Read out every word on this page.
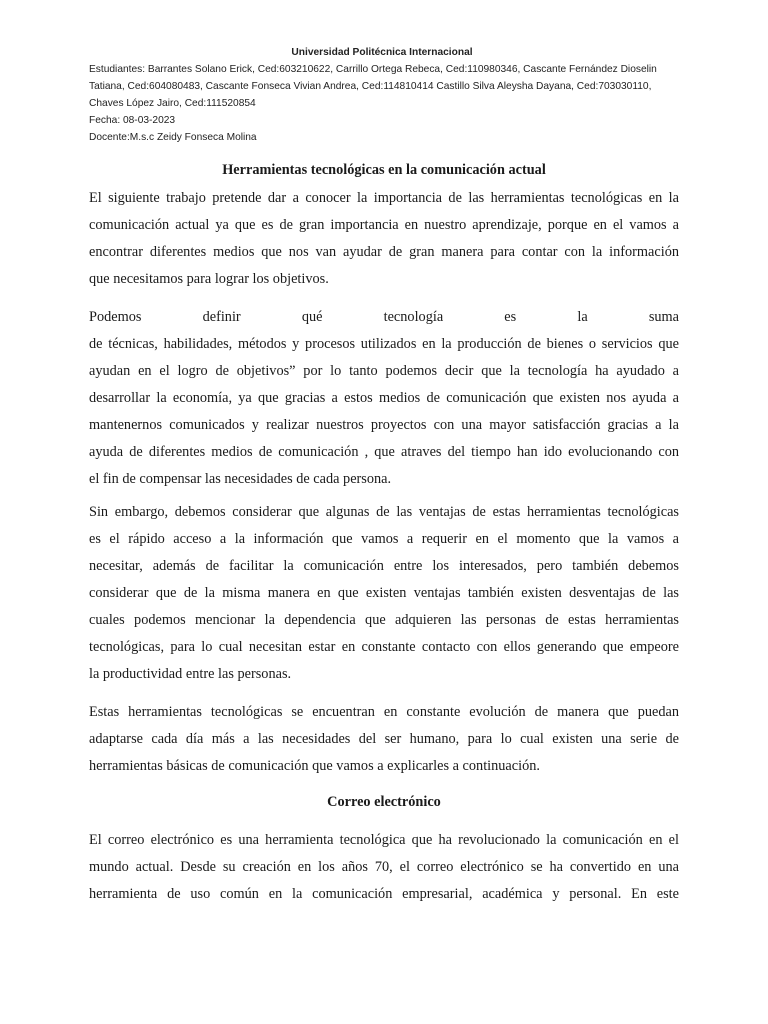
Universidad Politécnica Internacional
Estudiantes: Barrantes Solano Erick, Ced:603210622, Carrillo Ortega Rebeca, Ced:110980346, Cascante Fernández Dioselin
Tatiana, Ced:604080483, Cascante Fonseca Vivian Andrea, Ced:114810414 Castillo Silva Aleysha Dayana, Ced:703030110,
Chaves López Jairo, Ced:111520854
Fecha: 08-03-2023
Docente:M.s.c Zeidy Fonseca Molina
Herramientas tecnológicas en la comunicación actual
El siguiente trabajo pretende dar a conocer la importancia de las herramientas tecnológicas en la
comunicación actual ya que es de gran importancia en nuestro aprendizaje, porque en el vamos a
encontrar diferentes medios que nos van ayudar de gran manera para contar con la información
que necesitamos para lograr los objetivos.
Podemos definir qué tecnología es la suma
de técnicas, habilidades, métodos y procesos utilizados en la producción de bienes o servicios que
ayudan en el logro de objetivos” por lo tanto podemos decir que la tecnología ha ayudado a
desarrollar la economía, ya que gracias a estos medios de comunicación que existen nos ayuda a
mantenernos comunicados y realizar nuestros proyectos con una mayor satisfacción gracias a la
ayuda de diferentes medios de comunicación , que atraves del tiempo han ido evolucionando con
el fin de compensar las necesidades de cada persona.
Sin embargo, debemos considerar que algunas de las ventajas de estas herramientas tecnológicas
es el rápido acceso a la información que vamos a requerir en el momento que la vamos a
necesitar, además de facilitar la comunicación entre los interesados, pero también debemos
considerar que de la misma manera en que existen ventajas también existen desventajas de las
cuales podemos mencionar la dependencia que adquieren las personas de estas herramientas
tecnológicas, para lo cual necesitan estar en constante contacto con ellos generando que empeore
la productividad entre las personas.
Estas herramientas tecnológicas se encuentran en constante evolución de manera que puedan
adaptarse cada día más a las necesidades del ser humano, para lo cual existen una serie de
herramientas básicas de comunicación que vamos a explicarles a continuación.
Correo electrónico
El correo electrónico es una herramienta tecnológica que ha revolucionado la comunicación en el
mundo actual. Desde su creación en los años 70, el correo electrónico se ha convertido en una
herramienta de uso común en la comunicación empresarial, académica y personal. En este
